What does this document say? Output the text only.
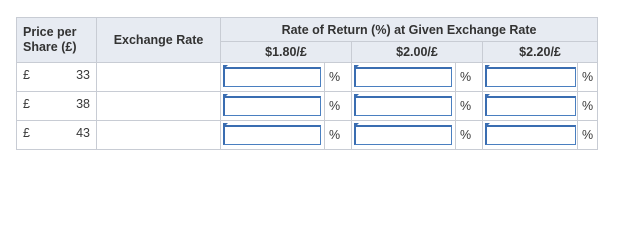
Price per
Share (£)	Exchange Rate	Rate of Return (%) at Given Exchange Rate					
		$1.80/£		$2.00/£		$2.20/£	

£ 33			%		%		%

£ 38			%		%		%

£ 43			%		%		%
